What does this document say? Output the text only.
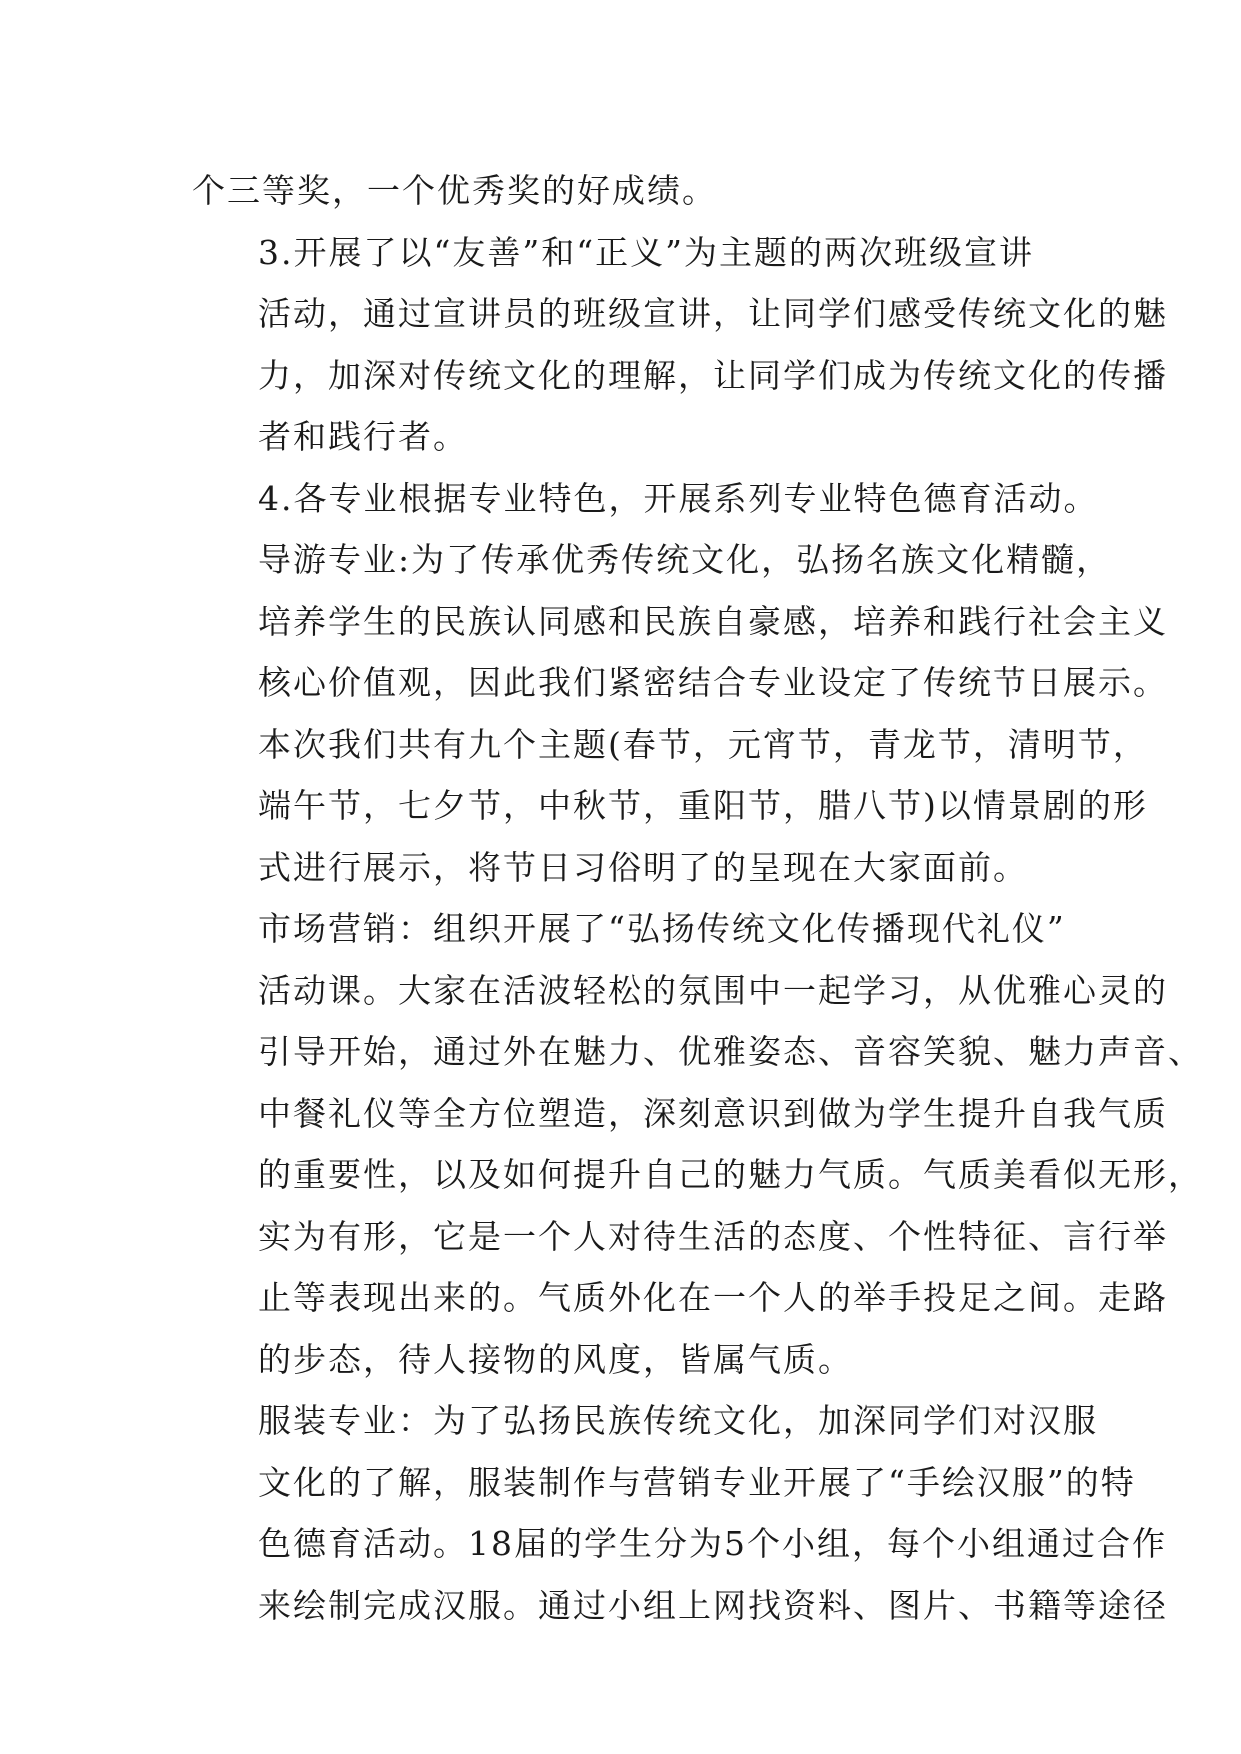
个三等奖，一个优秀奖的好成绩。

3.开展了以“友善”和“正义”为主题的两次班级宣讲
活动，通过宣讲员的班级宣讲，让同学们感受传统文化的魅
力，加深对传统文化的理解，让同学们成为传统文化的传播
者和践行者。

4.各专业根据专业特色，开展系列专业特色德育活动。

导游专业:为了传承优秀传统文化，弘扬名族文化精髓，
培养学生的民族认同感和民族自豪感，培养和践行社会主义
核心价值观，因此我们紧密结合专业设定了传统节日展示。
本次我们共有九个主题(春节，元宵节，青龙节，清明节，
端午节，七夕节，中秋节，重阳节，腊八节)以情景剧的形
式进行展示，将节日习俗明了的呈现在大家面前。

市场营销：组织开展了“弘扬传统文化传播现代礼仪”
活动课。大家在活波轻松的氛围中一起学习，从优雅心灵的
引导开始，通过外在魅力、优雅姿态、音容笑貌、魅力声音、
中餐礼仪等全方位塑造，深刻意识到做为学生提升自我气质
的重要性，以及如何提升自己的魅力气质。气质美看似无形，
实为有形，它是一个人对待生活的态度、个性特征、言行举
止等表现出来的。气质外化在一个人的举手投足之间。走路
的步态，待人接物的风度，皆属气质。

服装专业：为了弘扬民族传统文化，加深同学们对汉服
文化的了解，服装制作与营销专业开展了“手绘汉服”的特
色德育活动。18届的学生分为5个小组，每个小组通过合作
来绘制完成汉服。通过小组上网找资料、图片、书籍等途径
